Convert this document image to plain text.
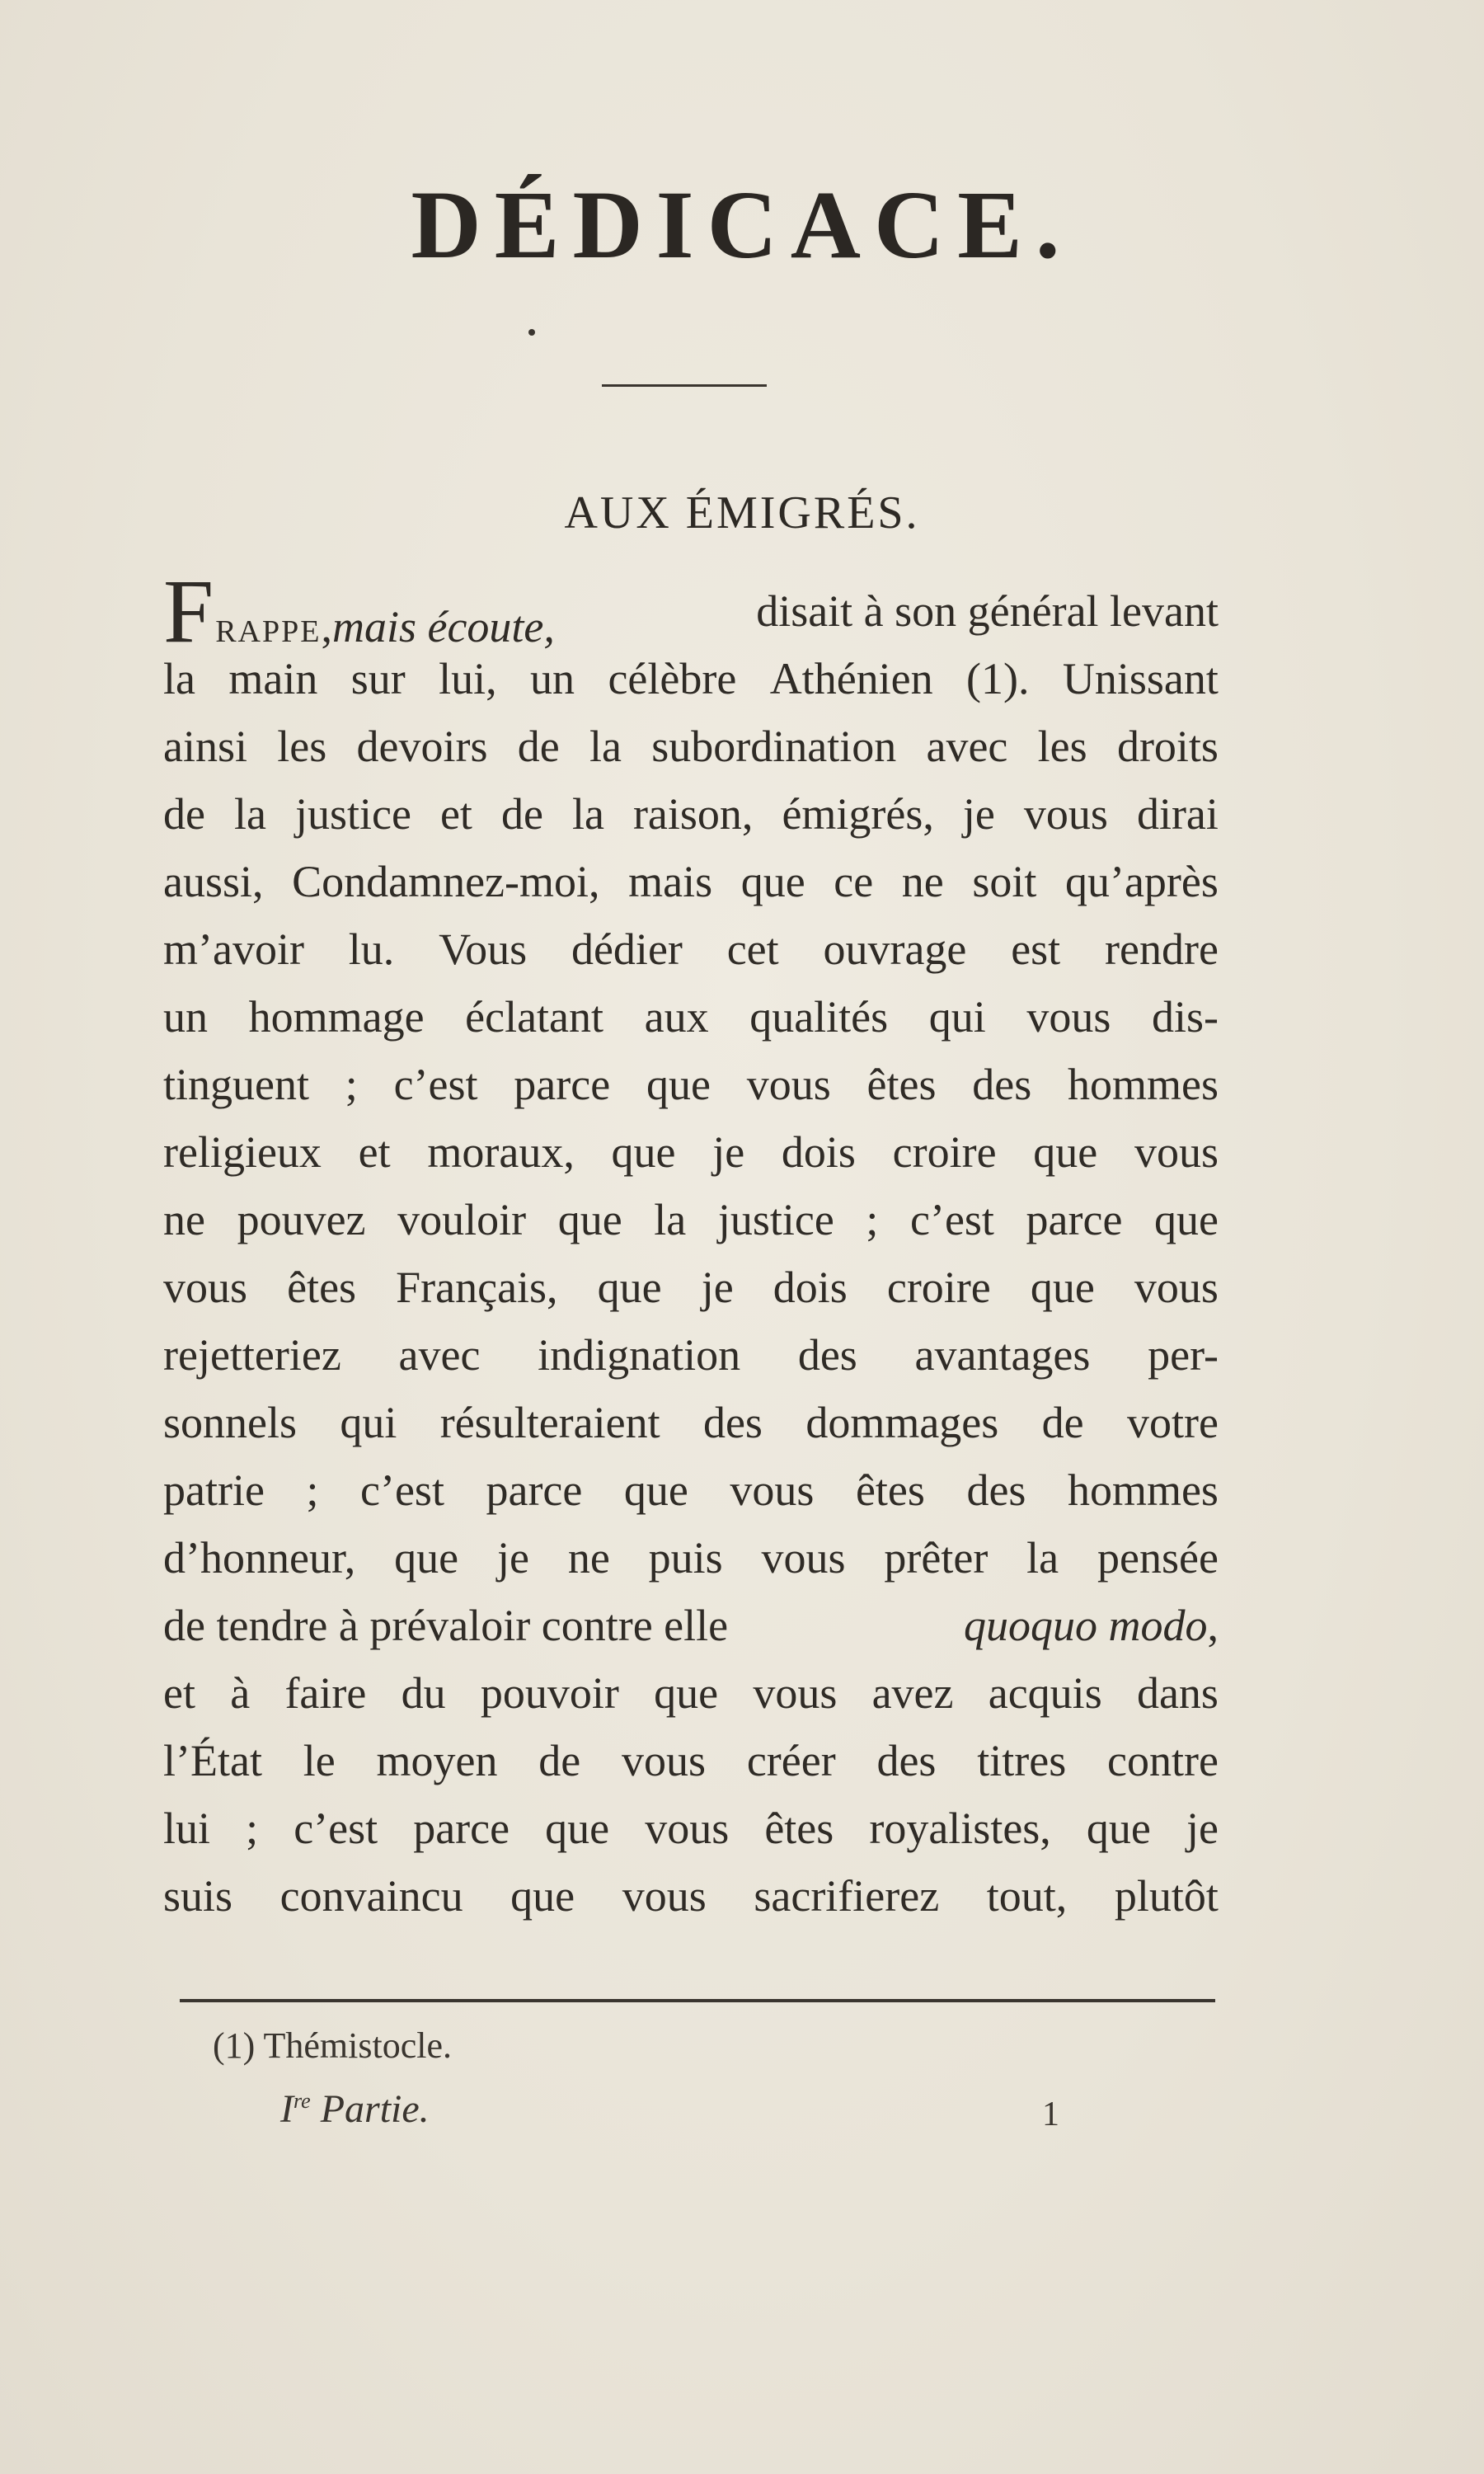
DÉDICACE.
AUX ÉMIGRÉS.
FRAPPE,mais écoute,	disait à son général levant
la main sur lui, un célèbre Athénien (1). Unissant
ainsi les devoirs de la subordination avec les droits
de la justice et de la raison, émigrés, je vous dirai
aussi, Condamnez-moi, mais que ce ne soit qu’après
m’avoir lu. Vous dédier cet ouvrage est rendre
un hommage éclatant aux qualités qui vous dis-
tinguent ; c’est parce que vous êtes des hommes
religieux et moraux, que je dois croire que vous
ne pouvez vouloir que la justice ; c’est parce que
vous êtes Français, que je dois croire que vous
rejetteriez avec indignation des avantages per-
sonnels qui résulteraient des dommages de votre
patrie ; c’est parce que vous êtes des hommes
d’honneur, que je ne puis vous prêter la pensée
de tendre à prévaloir contre elle	quoquo modo,
et à faire du pouvoir que vous avez acquis dans
l’État le moyen de vous créer des titres contre
lui ; c’est parce que vous êtes royalistes, que je
suis convaincu que vous sacrifierez tout, plutôt
(1) Thémistocle.
Ire Partie.	1
